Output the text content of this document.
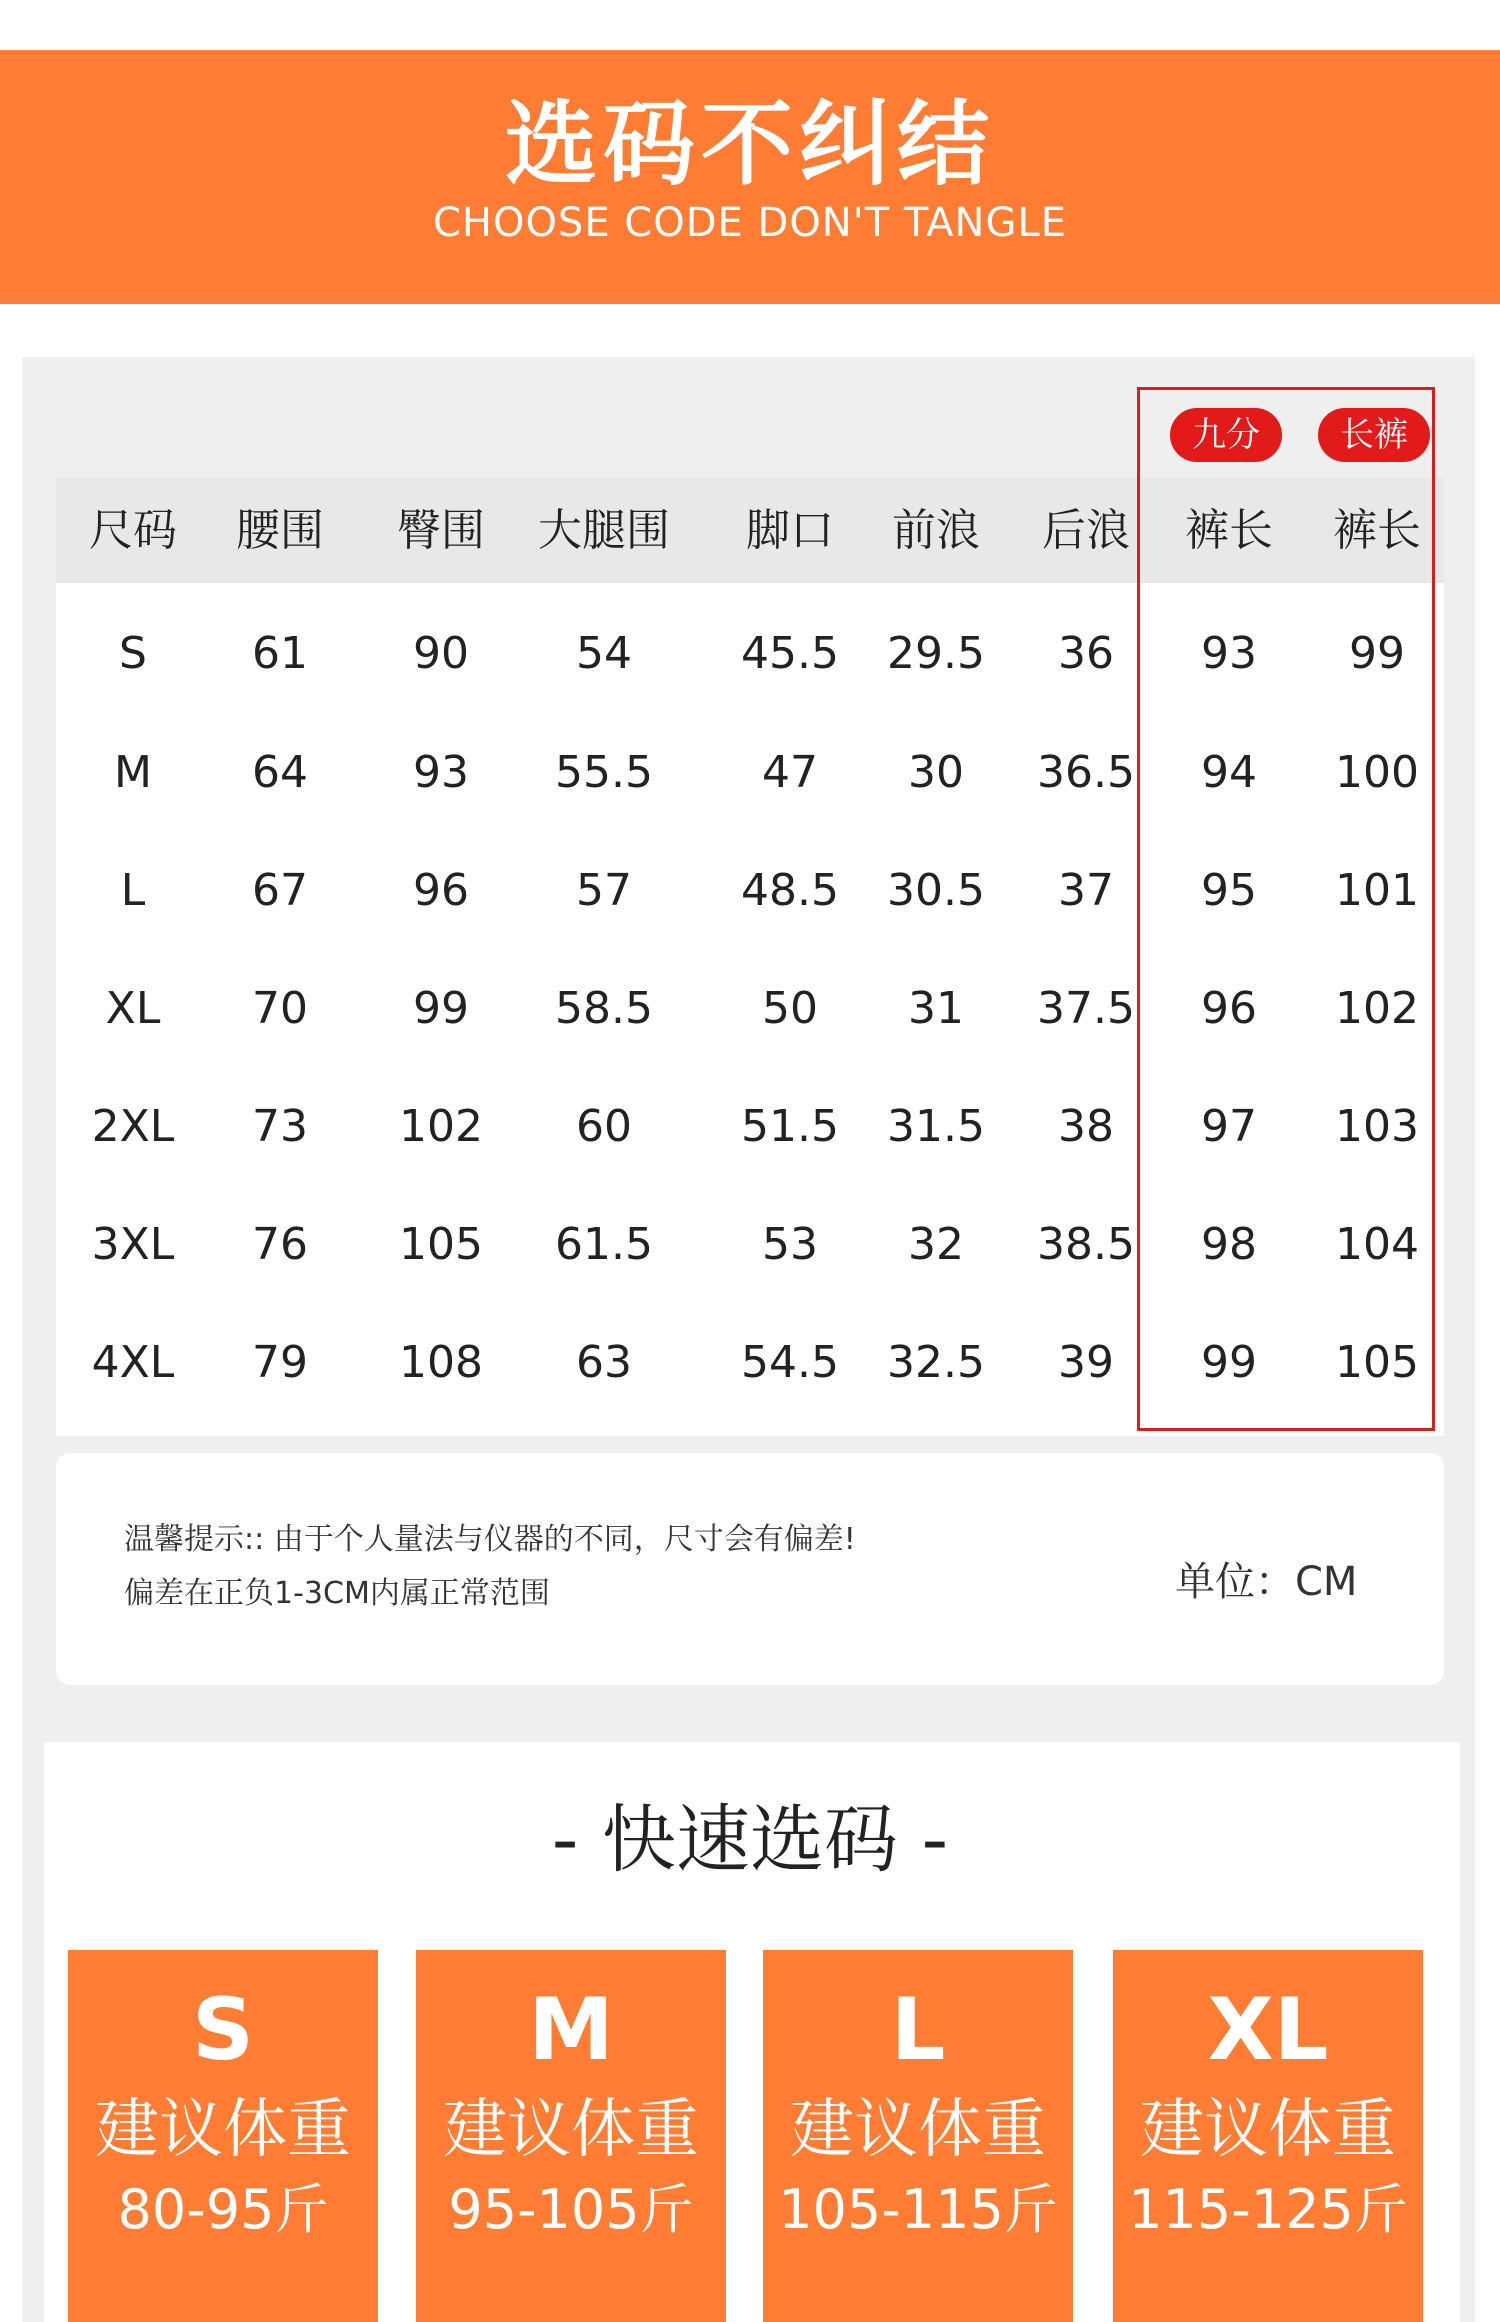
选码不纠结
CHOOSE CODE DON'T TANGLE
九分	长裤
尺码	腰围	臀围	大腿围	脚口	前浪	后浪	裤长	裤长
S	61	90	54	45.5	29.5	36	93	99
M	64	93	55.5	47	30	36.5	94	100
L	67	96	57	48.5	30.5	37	95	101
XL	70	99	58.5	50	31	37.5	96	102
2XL	73	102	60	51.5	31.5	38	97	103
3XL	76	105	61.5	53	32	38.5	98	104
4XL	79	108	63	54.5	32.5	39	99	105
温馨提示:: 由于个人量法与仪器的不同，尺寸会有偏差!
偏差在正负1-3CM内属正常范围	单位：CM
- 快速选码 -
S
建议体重
80-95斤
M
建议体重
95-105斤
L
建议体重
105-115斤
XL
建议体重
115-125斤
